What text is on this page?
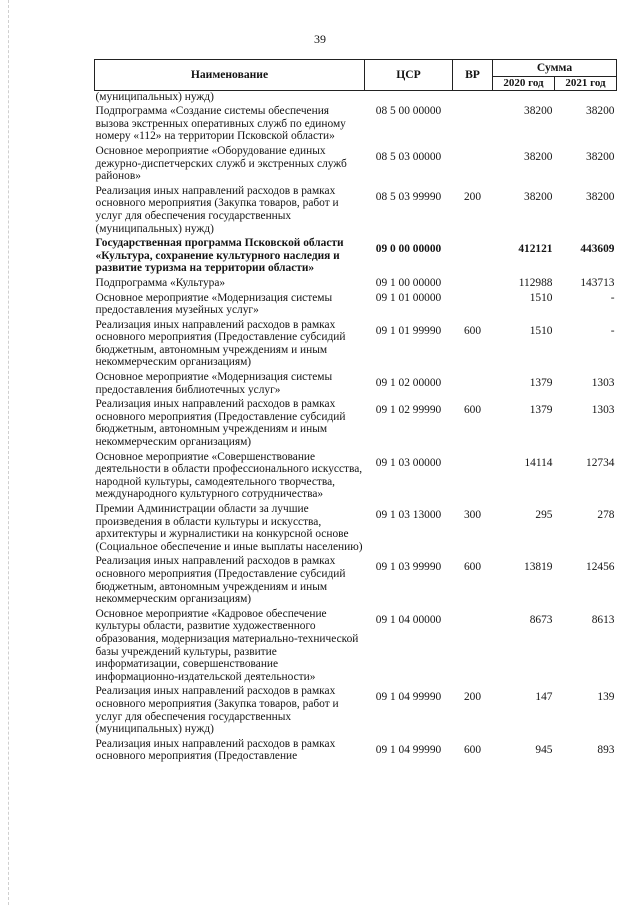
39
Наименование	ЦСР	ВР	Сумма	
			2020 год	2021 год
(муниципальных) нужд)				
Подпрограмма «Создание системы обеспечения вызова экстренных оперативных служб по единому номеру «112» на территории Псковской области»	08 5 00 00000		38200	38200
Основное мероприятие «Оборудование единых дежурно-диспетчерских служб и экстренных служб районов»	08 5 03 00000		38200	38200
Реализация иных направлений расходов в рамках основного мероприятия (Закупка товаров, работ и услуг для обеспечения государственных (муниципальных) нужд)	08 5 03 99990	200	38200	38200
Государственная программа Псковской области «Культура, сохранение культурного наследия и развитие туризма на территории области»	09 0 00 00000		412121	443609
Подпрограмма «Культура»	09 1 00 00000		112988	143713
Основное мероприятие «Модернизация системы предоставления музейных услуг»	09 1 01 00000		1510	-
Реализация иных направлений расходов в рамках основного мероприятия (Предоставление субсидий бюджетным, автономным учреждениям и иным некоммерческим организациям)	09 1 01 99990	600	1510	-
Основное мероприятие «Модернизация системы предоставления библиотечных услуг»	09 1 02 00000		1379	1303
Реализация иных направлений расходов в рамках основного мероприятия (Предоставление субсидий бюджетным, автономным учреждениям и иным некоммерческим организациям)	09 1 02 99990	600	1379	1303
Основное мероприятие «Совершенствование деятельности в области профессионального искусства, народной культуры, самодеятельного творчества, международного культурного сотрудничества»	09 1 03 00000		14114	12734
Премии Администрации области за лучшие произведения в области культуры и искусства, архитектуры и журналистики на конкурсной основе (Социальное обеспечение и иные выплаты населению)	09 1 03 13000	300	295	278
Реализация иных направлений расходов в рамках основного мероприятия (Предоставление субсидий бюджетным, автономным учреждениям и иным некоммерческим организациям)	09 1 03 99990	600	13819	12456
Основное мероприятие «Кадровое обеспечение культуры области, развитие художественного образования, модернизация материально-технической базы учреждений культуры, развитие информатизации, совершенствование информационно-издательской деятельности»	09 1 04 00000		8673	8613
Реализация иных направлений расходов в рамках основного мероприятия (Закупка товаров, работ и услуг для обеспечения государственных (муниципальных) нужд)	09 1 04 99990	200	147	139
Реализация иных направлений расходов в рамках основного мероприятия (Предоставление	09 1 04 99990	600	945	893
